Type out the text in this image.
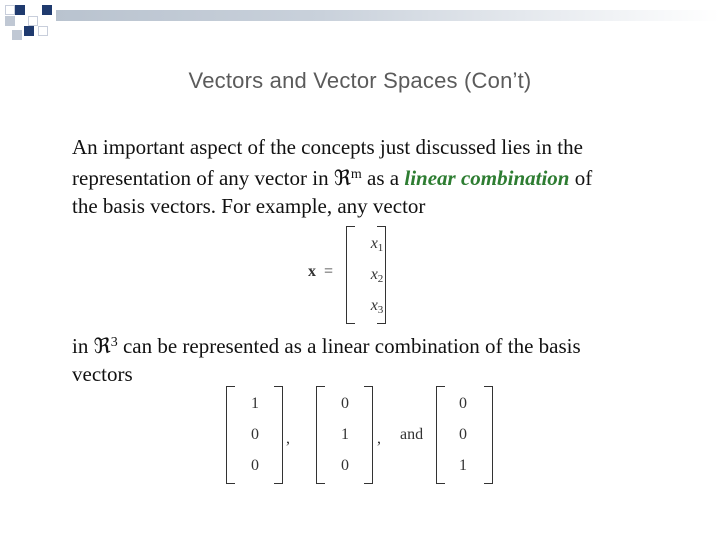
Vectors and Vector Spaces (Con’t)
An important aspect of the concepts just discussed lies in the
representation of any vector in ℜ$^m$ as a linear combination of
the basis vectors. For example, any vector
x =
$x_1$
$x_2$
$x_3$
in ℜ$^3$ can be represented as a linear combination of the basis
vectors
1
0
0
,
0
1
0
, and
0
0
1
